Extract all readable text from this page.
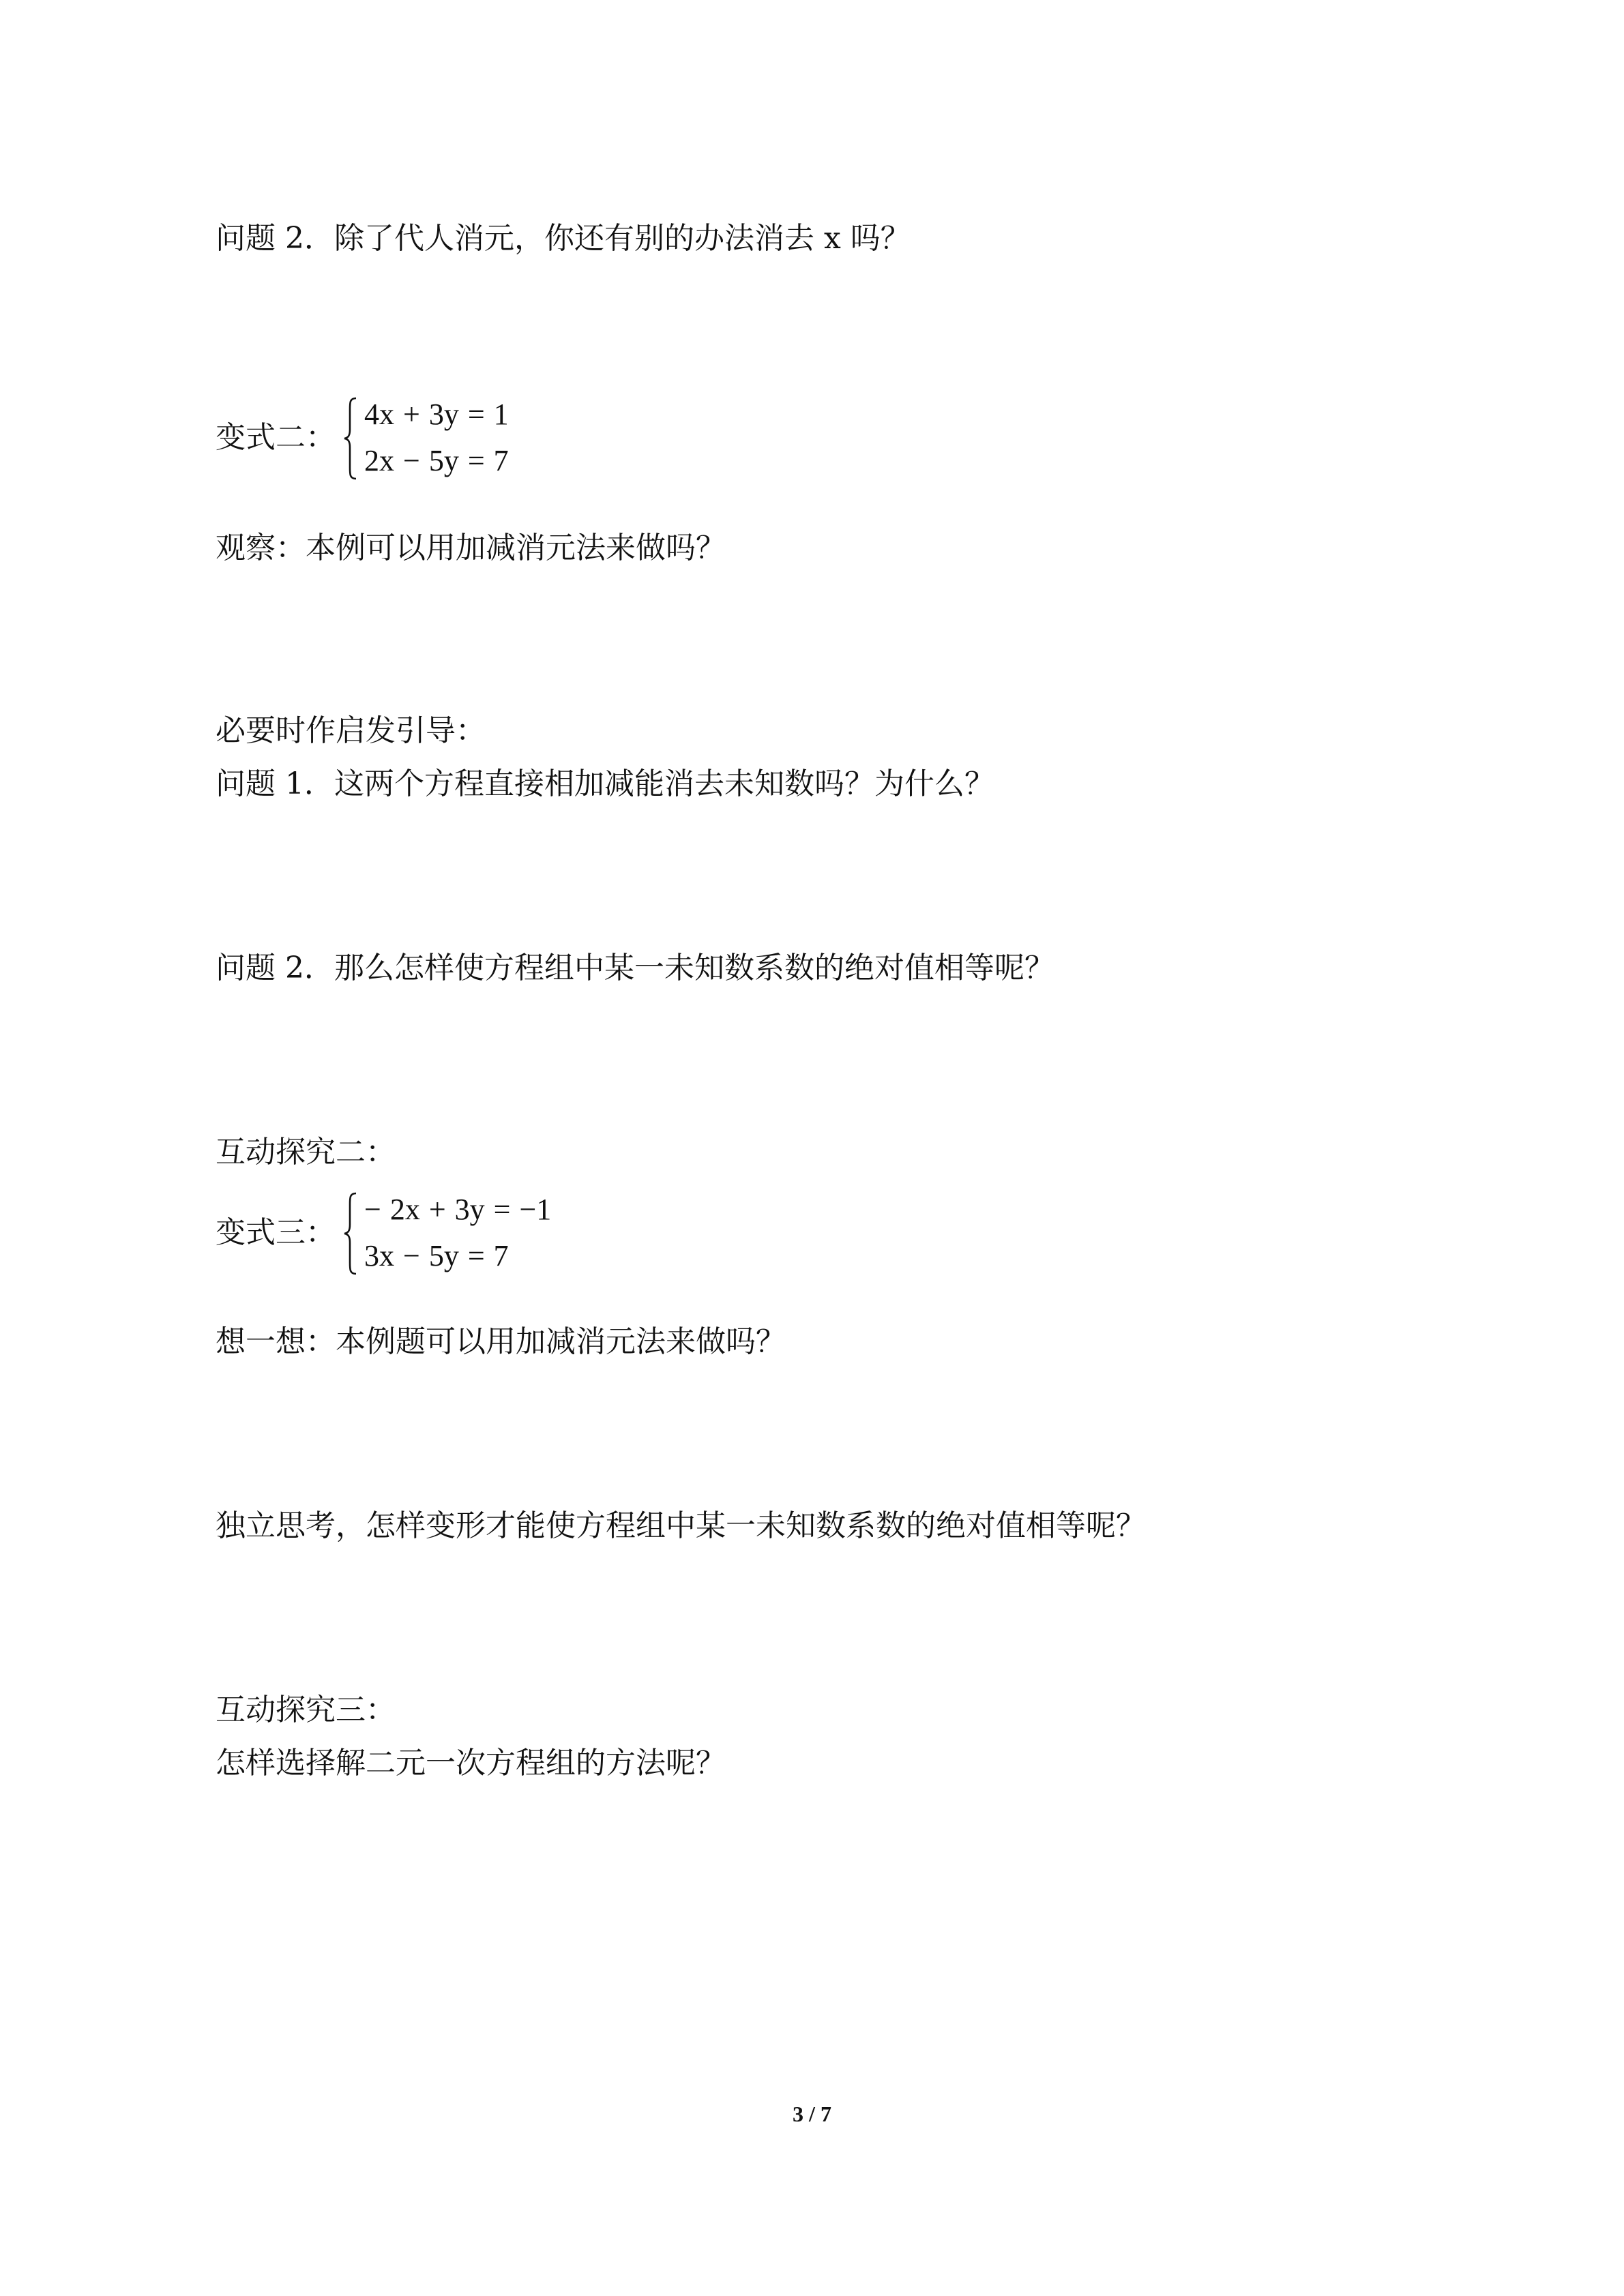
问题 2．除了代人消元，你还有别的办法消去 x 吗？
变式二：
4x + 3y = 1
2x − 5y = 7
观察：本例可以用加减消元法来做吗？
必要时作启发引导：
问题 1．这两个方程直接相加减能消去未知数吗？为什么？
问题 2．那么怎样使方程组中某一未知数系数的绝对值相等呢？
互动探究二：
变式三：
− 2x + 3y = −1
3x − 5y = 7
想一想：本例题可以用加减消元法来做吗？
独立思考，怎样变形才能使方程组中某一未知数系数的绝对值相等呢？
互动探究三：
怎样选择解二元一次方程组的方法呢？
3 / 7
